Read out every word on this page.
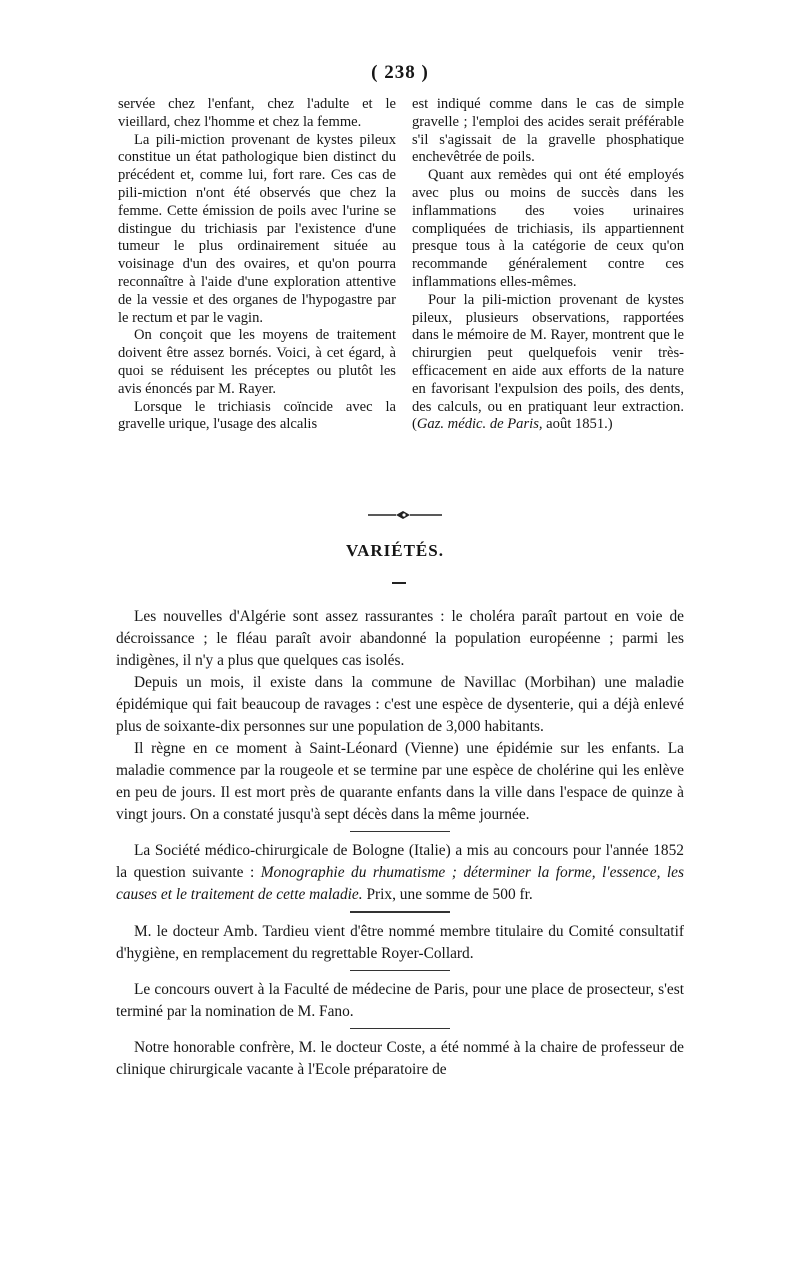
( 238 )

servée chez l'enfant, chez l'adulte et le vieillard, chez l'homme et chez la femme.

La pili-miction provenant de kystes pileux constitue un état pathologique bien distinct du précédent et, comme lui, fort rare. Ces cas de pili-miction n'ont été observés que chez la femme. Cette émission de poils avec l'urine se distingue du trichiasis par l'existence d'une tumeur le plus ordinairement située au voisinage d'un des ovaires, et qu'on pourra reconnaître à l'aide d'une exploration attentive de la vessie et des organes de l'hypogastre par le rectum et par le vagin.

On conçoit que les moyens de traitement doivent être assez bornés. Voici, à cet égard, à quoi se réduisent les préceptes ou plutôt les avis énoncés par M. Rayer.

Lorsque le trichiasis coïncide avec la gravelle urique, l'usage des alcalis

est indiqué comme dans le cas de simple gravelle ; l'emploi des acides serait préférable s'il s'agissait de la gravelle phosphatique enchevêtrée de poils.

Quant aux remèdes qui ont été employés avec plus ou moins de succès dans les inflammations des voies urinaires compliquées de trichiasis, ils appartiennent presque tous à la catégorie de ceux qu'on recommande généralement contre ces inflammations elles-mêmes.

Pour la pili-miction provenant de kystes pileux, plusieurs observations, rapportées dans le mémoire de M. Rayer, montrent que le chirurgien peut quelquefois venir très-efficacement en aide aux efforts de la nature en favorisant l'expulsion des poils, des dents, des calculs, ou en pratiquant leur extraction. (Gaz. médic. de Paris, août 1851.)

VARIÉTÉS.

Les nouvelles d'Algérie sont assez rassurantes : le choléra paraît partout en voie de décroissance ; le fléau paraît avoir abandonné la population européenne ; parmi les indigènes, il n'y a plus que quelques cas isolés.

Depuis un mois, il existe dans la commune de Navillac (Morbihan) une maladie épidémique qui fait beaucoup de ravages : c'est une espèce de dysenterie, qui a déjà enlevé plus de soixante-dix personnes sur une population de 3,000 habitants.

Il règne en ce moment à Saint-Léonard (Vienne) une épidémie sur les enfants. La maladie commence par la rougeole et se termine par une espèce de cholérine qui les enlève en peu de jours. Il est mort près de quarante enfants dans la ville dans l'espace de quinze à vingt jours. On a constaté jusqu'à sept décès dans la même journée.

La Société médico-chirurgicale de Bologne (Italie) a mis au concours pour l'année 1852 la question suivante : Monographie du rhumatisme ; déterminer la forme, l'essence, les causes et le traitement de cette maladie. Prix, une somme de 500 fr.

M. le docteur Amb. Tardieu vient d'être nommé membre titulaire du Comité consultatif d'hygiène, en remplacement du regrettable Royer-Collard.

Le concours ouvert à la Faculté de médecine de Paris, pour une place de prosecteur, s'est terminé par la nomination de M. Fano.

Notre honorable confrère, M. le docteur Coste, a été nommé à la chaire de professeur de clinique chirurgicale vacante à l'Ecole préparatoire de
